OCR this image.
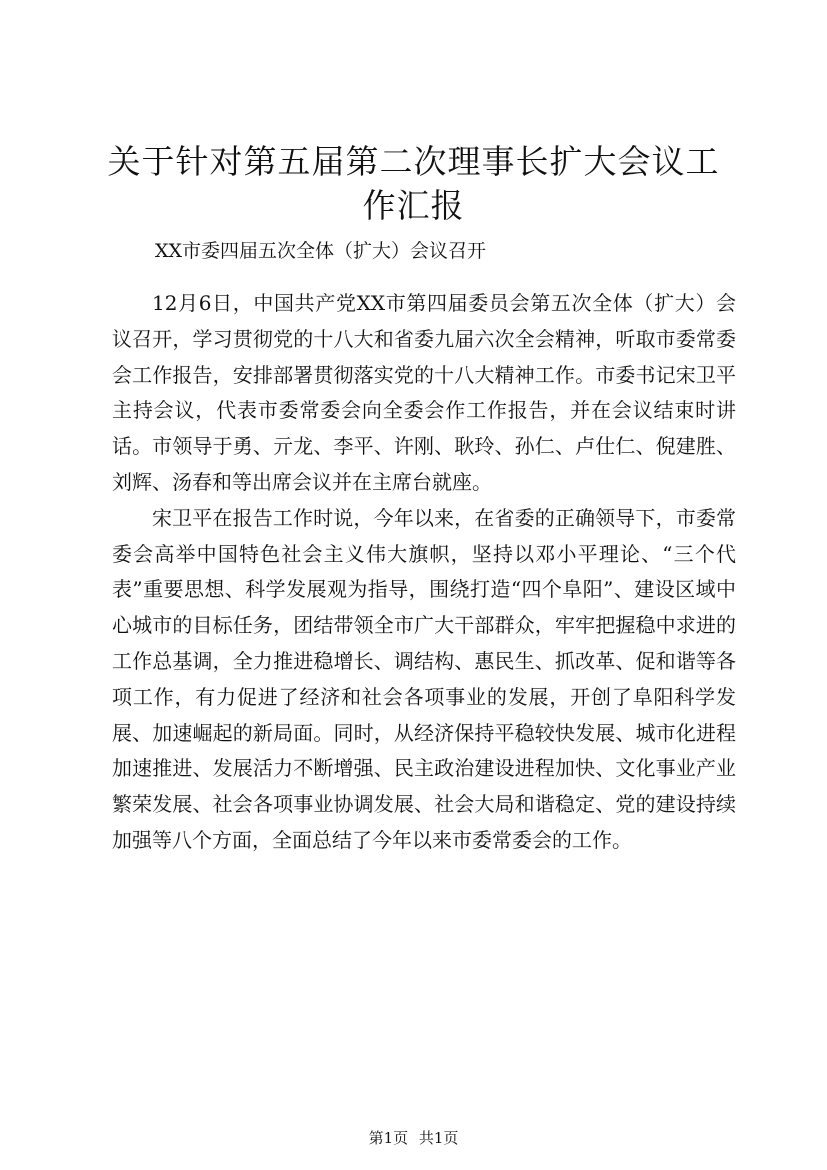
关于针对第五届第二次理事长扩大会议工作汇报

XX市委四届五次全体（扩大）会议召开

12月6日，中国共产党XX市第四届委员会第五次全体（扩大）会议召开，学习贯彻党的十八大和省委九届六次全会精神，听取市委常委会工作报告，安排部署贯彻落实党的十八大精神工作。市委书记宋卫平主持会议，代表市委常委会向全委会作工作报告，并在会议结束时讲话。市领导于勇、亓龙、李平、许刚、耿玲、孙仁、卢仕仁、倪建胜、刘辉、汤春和等出席会议并在主席台就座。

宋卫平在报告工作时说，今年以来，在省委的正确领导下，市委常委会高举中国特色社会主义伟大旗帜，坚持以邓小平理论、“三个代表”重要思想、科学发展观为指导，围绕打造“四个阜阳”、建设区域中心城市的目标任务，团结带领全市广大干部群众，牢牢把握稳中求进的工作总基调，全力推进稳增长、调结构、惠民生、抓改革、促和谐等各项工作，有力促进了经济和社会各项事业的发展，开创了阜阳科学发展、加速崛起的新局面。同时，从经济保持平稳较快发展、城市化进程加速推进、发展活力不断增强、民主政治建设进程加快、文化事业产业繁荣发展、社会各项事业协调发展、社会大局和谐稳定、党的建设持续加强等八个方面，全面总结了今年以来市委常委会的工作。

第1页 共1页
